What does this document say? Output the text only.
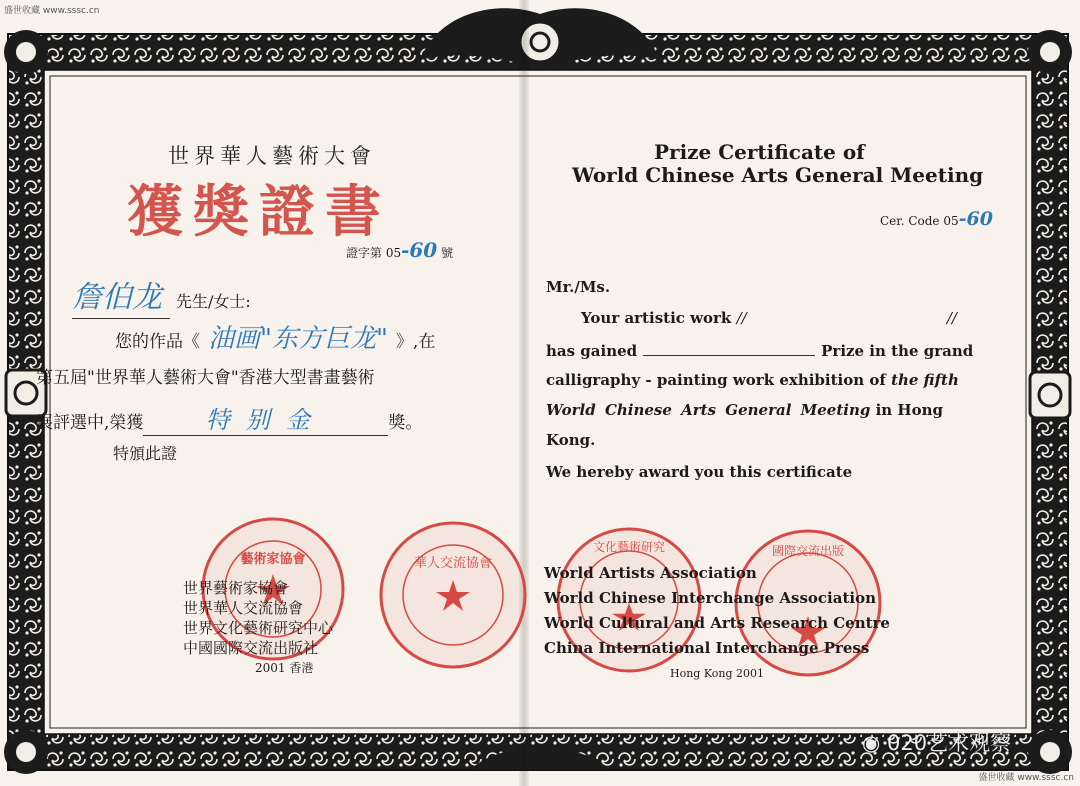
藝術家協會	華人交流協會
文化藝術研究	國際交流出版
盛世收藏 www.sssc.cn
盛世收藏 www.sssc.cn
世界華人藝術大會
獲獎證書
證字第 05-60 號
詹伯龙 先生/女士:
您的作品《 油画"东方巨龙" 》,在
第五屆"世界華人藝術大會"香港大型書畫藝術
展評選中,榮獲	特别金	獎。
特頒此證
世界藝術家協會
世界華人交流協會
世界文化藝術研究中心
中國國際交流出版社
2001 香港
Prize Certificate of
World Chinese Arts General Meeting
Cer. Code 05-60
Mr./Ms.
Your artistic work //	//
has gained	Prize in the grand
calligraphy - painting work exhibition of the fifth
World Chinese Arts General Meeting in Hong
Kong.
We hereby award you this certificate
World Artists Association
World Chinese Interchange Association
World Cultural and Arts Research Centre
China International Interchange Press
Hong Kong 2001
◉ 020艺术观察
